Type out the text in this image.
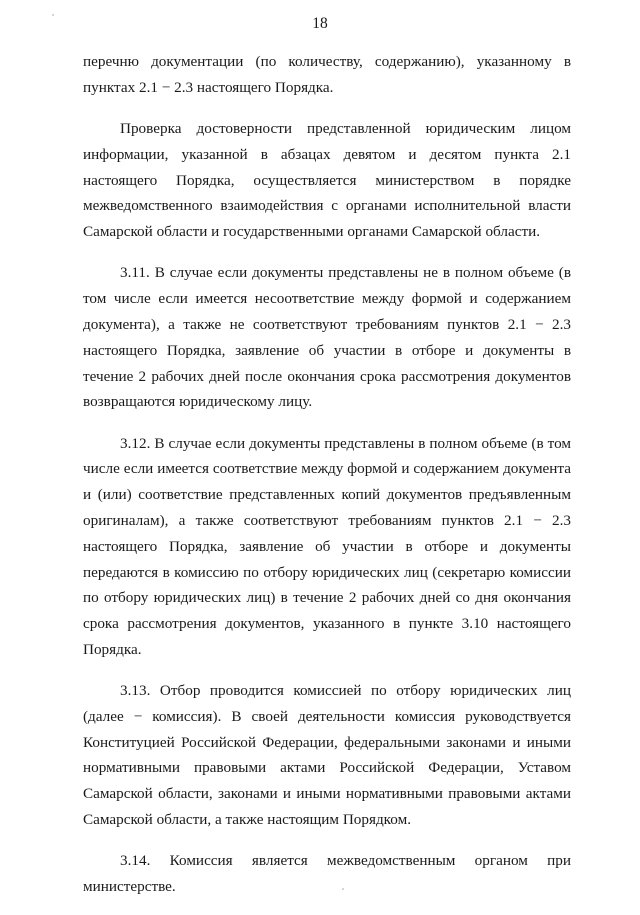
18

перечню документации (по количеству, содержанию), указанному в пунктах 2.1 − 2.3 настоящего Порядка.

Проверка достоверности представленной юридическим лицом информации, указанной в абзацах девятом и десятом пункта 2.1 настоящего Порядка, осуществляется министерством в порядке межведомственного взаимодействия с органами исполнительной власти Самарской области и государственными органами Самарской области.

3.11. В случае если документы представлены не в полном объеме (в том числе если имеется несоответствие между формой и содержанием документа), а также не соответствуют требованиям пунктов 2.1 − 2.3 настоящего Порядка, заявление об участии в отборе и документы в течение 2 рабочих дней после окончания срока рассмотрения документов возвращаются юридическому лицу.

3.12. В случае если документы представлены в полном объеме (в том числе если имеется соответствие между формой и содержанием документа и (или) соответствие представленных копий документов предъявленным оригиналам), а также соответствуют требованиям пунктов 2.1 − 2.3 настоящего Порядка, заявление об участии в отборе и документы передаются в комиссию по отбору юридических лиц (секретарю комиссии по отбору юридических лиц) в течение 2 рабочих дней со дня окончания срока рассмотрения документов, указанного в пункте 3.10 настоящего Порядка.

3.13. Отбор проводится комиссией по отбору юридических лиц (далее − комиссия). В своей деятельности комиссия руководствуется Конституцией Российской Федерации, федеральными законами и иными нормативными правовыми актами Российской Федерации, Уставом Самарской области, законами и иными нормативными правовыми актами Самарской области, а также настоящим Порядком.

3.14. Комиссия является межведомственным органом при министерстве.
